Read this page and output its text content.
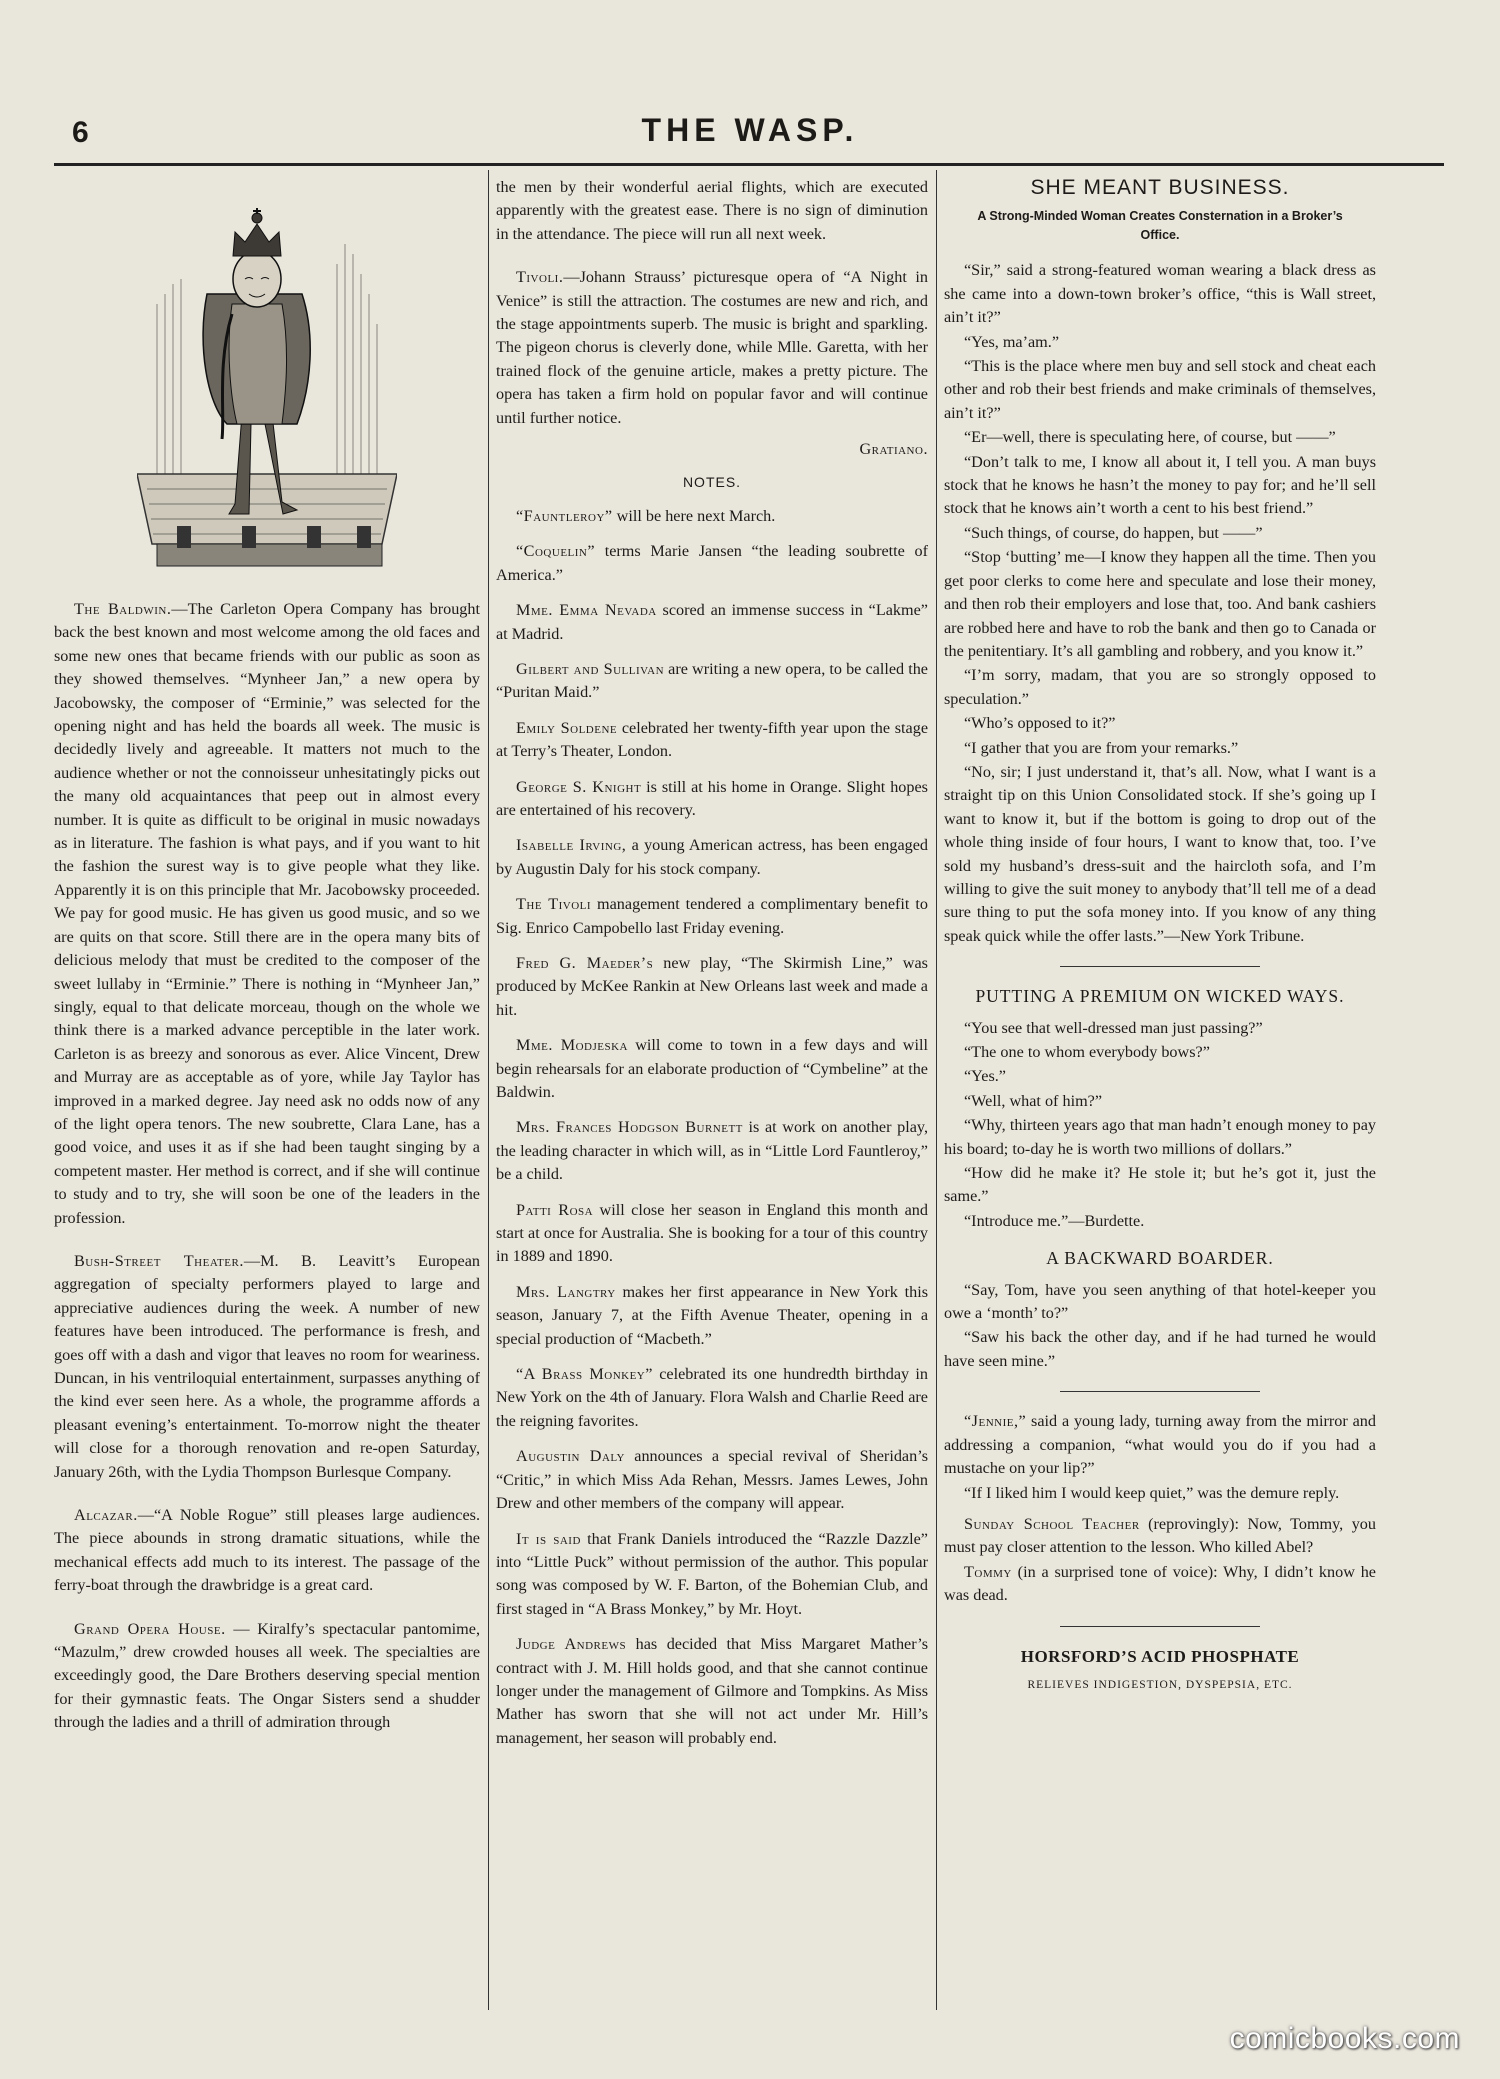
6	THE WASP.

The Baldwin.—The Carleton Opera Company has brought back the best known and most welcome among the old faces and some new ones that became friends with our public as soon as they showed themselves. “Mynheer Jan,” a new opera by Jacobowsky, the composer of “Erminie,” was selected for the opening night and has held the boards all week. The music is decidedly lively and agreeable. It matters not much to the audience whether or not the connoisseur unhesitatingly picks out the many old acquaintances that peep out in almost every number. It is quite as difficult to be original in music nowadays as in literature. The fashion is what pays, and if you want to hit the fashion the surest way is to give people what they like. Apparently it is on this principle that Mr. Jacobowsky proceeded. We pay for good music. He has given us good music, and so we are quits on that score. Still there are in the opera many bits of delicious melody that must be credited to the composer of the sweet lullaby in “Erminie.” There is nothing in “Mynheer Jan,” singly, equal to that delicate morceau, though on the whole we think there is a marked advance perceptible in the later work. Carleton is as breezy and sonorous as ever. Alice Vincent, Drew and Murray are as acceptable as of yore, while Jay Taylor has improved in a marked degree. Jay need ask no odds now of any of the light opera tenors. The new soubrette, Clara Lane, has a good voice, and uses it as if she had been taught singing by a competent master. Her method is correct, and if she will continue to study and to try, she will soon be one of the leaders in the profession.

Bush-Street Theater.—M. B. Leavitt’s European aggregation of specialty performers played to large and appreciative audiences during the week. A number of new features have been introduced. The performance is fresh, and goes off with a dash and vigor that leaves no room for weariness. Duncan, in his ventriloquial entertainment, surpasses anything of the kind ever seen here. As a whole, the programme affords a pleasant evening’s entertainment. To-morrow night the theater will close for a thorough renovation and re-open Saturday, January 26th, with the Lydia Thompson Burlesque Company.

Alcazar.—“A Noble Rogue” still pleases large audiences. The piece abounds in strong dramatic situations, while the mechanical effects add much to its interest. The passage of the ferry-boat through the drawbridge is a great card.

Grand Opera House. — Kiralfy’s spectacular pantomime, “Mazulm,” drew crowded houses all week. The specialties are exceedingly good, the Dare Brothers deserving special mention for their gymnastic feats. The Ongar Sisters send a shudder through the ladies and a thrill of admiration through

the men by their wonderful aerial flights, which are executed apparently with the greatest ease. There is no sign of diminution in the attendance. The piece will run all next week.

Tivoli.—Johann Strauss’ picturesque opera of “A Night in Venice” is still the attraction. The costumes are new and rich, and the stage appointments superb. The music is bright and sparkling. The pigeon chorus is cleverly done, while Mlle. Garetta, with her trained flock of the genuine article, makes a pretty picture. The opera has taken a firm hold on popular favor and will continue until further notice.

Gratiano.

NOTES.

“Fauntleroy” will be here next March.

“Coquelin” terms Marie Jansen “the leading soubrette of America.”

Mme. Emma Nevada scored an immense success in “Lakme” at Madrid.

Gilbert and Sullivan are writing a new opera, to be called the “Puritan Maid.”

Emily Soldene celebrated her twenty-fifth year upon the stage at Terry’s Theater, London.

George S. Knight is still at his home in Orange. Slight hopes are entertained of his recovery.

Isabelle Irving, a young American actress, has been engaged by Augustin Daly for his stock company.

The Tivoli management tendered a complimentary benefit to Sig. Enrico Campobello last Friday evening.

Fred G. Maeder’s new play, “The Skirmish Line,” was produced by McKee Rankin at New Orleans last week and made a hit.

Mme. Modjeska will come to town in a few days and will begin rehearsals for an elaborate production of “Cymbeline” at the Baldwin.

Mrs. Frances Hodgson Burnett is at work on another play, the leading character in which will, as in “Little Lord Fauntleroy,” be a child.

Patti Rosa will close her season in England this month and start at once for Australia. She is booking for a tour of this country in 1889 and 1890.

Mrs. Langtry makes her first appearance in New York this season, January 7, at the Fifth Avenue Theater, opening in a special production of “Macbeth.”

“A Brass Monkey” celebrated its one hundredth birthday in New York on the 4th of January. Flora Walsh and Charlie Reed are the reigning favorites.

Augustin Daly announces a special revival of Sheridan’s “Critic,” in which Miss Ada Rehan, Messrs. James Lewes, John Drew and other members of the company will appear.

It is said that Frank Daniels introduced the “Razzle Dazzle” into “Little Puck” without permission of the author. This popular song was composed by W. F. Barton, of the Bohemian Club, and first staged in “A Brass Monkey,” by Mr. Hoyt.

Judge Andrews has decided that Miss Margaret Mather’s contract with J. M. Hill holds good, and that she cannot continue longer under the management of Gilmore and Tompkins. As Miss Mather has sworn that she will not act under Mr. Hill’s management, her season will probably end.

SHE MEANT BUSINESS.
A Strong-Minded Woman Creates Consternation in a Broker’s Office.

“Sir,” said a strong-featured woman wearing a black dress as she came into a down-town broker’s office, “this is Wall street, ain’t it?”

“Yes, ma’am.”

“This is the place where men buy and sell stock and cheat each other and rob their best friends and make criminals of themselves, ain’t it?”

“Er—well, there is speculating here, of course, but ——”

“Don’t talk to me, I know all about it, I tell you. A man buys stock that he knows he hasn’t the money to pay for; and he’ll sell stock that he knows ain’t worth a cent to his best friend.”

“Such things, of course, do happen, but ——”

“Stop ‘butting’ me—I know they happen all the time. Then you get poor clerks to come here and speculate and lose their money, and then rob their employers and lose that, too. And bank cashiers are robbed here and have to rob the bank and then go to Canada or the penitentiary. It’s all gambling and robbery, and you know it.”

“I’m sorry, madam, that you are so strongly opposed to speculation.”

“Who’s opposed to it?”

“I gather that you are from your remarks.”

“No, sir; I just understand it, that’s all. Now, what I want is a straight tip on this Union Consolidated stock. If she’s going up I want to know it, but if the bottom is going to drop out of the whole thing inside of four hours, I want to know that, too. I’ve sold my husband’s dress-suit and the haircloth sofa, and I’m willing to give the suit money to anybody that’ll tell me of a dead sure thing to put the sofa money into. If you know of any thing speak quick while the offer lasts.”—New York Tribune.

PUTTING A PREMIUM ON WICKED WAYS.

“You see that well-dressed man just passing?”

“The one to whom everybody bows?”

“Yes.”

“Well, what of him?”

“Why, thirteen years ago that man hadn’t enough money to pay his board; to-day he is worth two millions of dollars.”

“How did he make it? He stole it; but he’s got it, just the same.”

“Introduce me.”—Burdette.

A BACKWARD BOARDER.

“Say, Tom, have you seen anything of that hotel-keeper you owe a ‘month’ to?”

“Saw his back the other day, and if he had turned he would have seen mine.”

“Jennie,” said a young lady, turning away from the mirror and addressing a companion, “what would you do if you had a mustache on your lip?”

“If I liked him I would keep quiet,” was the demure reply.

Sunday School Teacher (reprovingly): Now, Tommy, you must pay closer attention to the lesson. Who killed Abel?

Tommy (in a surprised tone of voice): Why, I didn’t know he was dead.

HORSFORD’S ACID PHOSPHATE
RELIEVES INDIGESTION, DYSPEPSIA, ETC.
comicbooks.com
